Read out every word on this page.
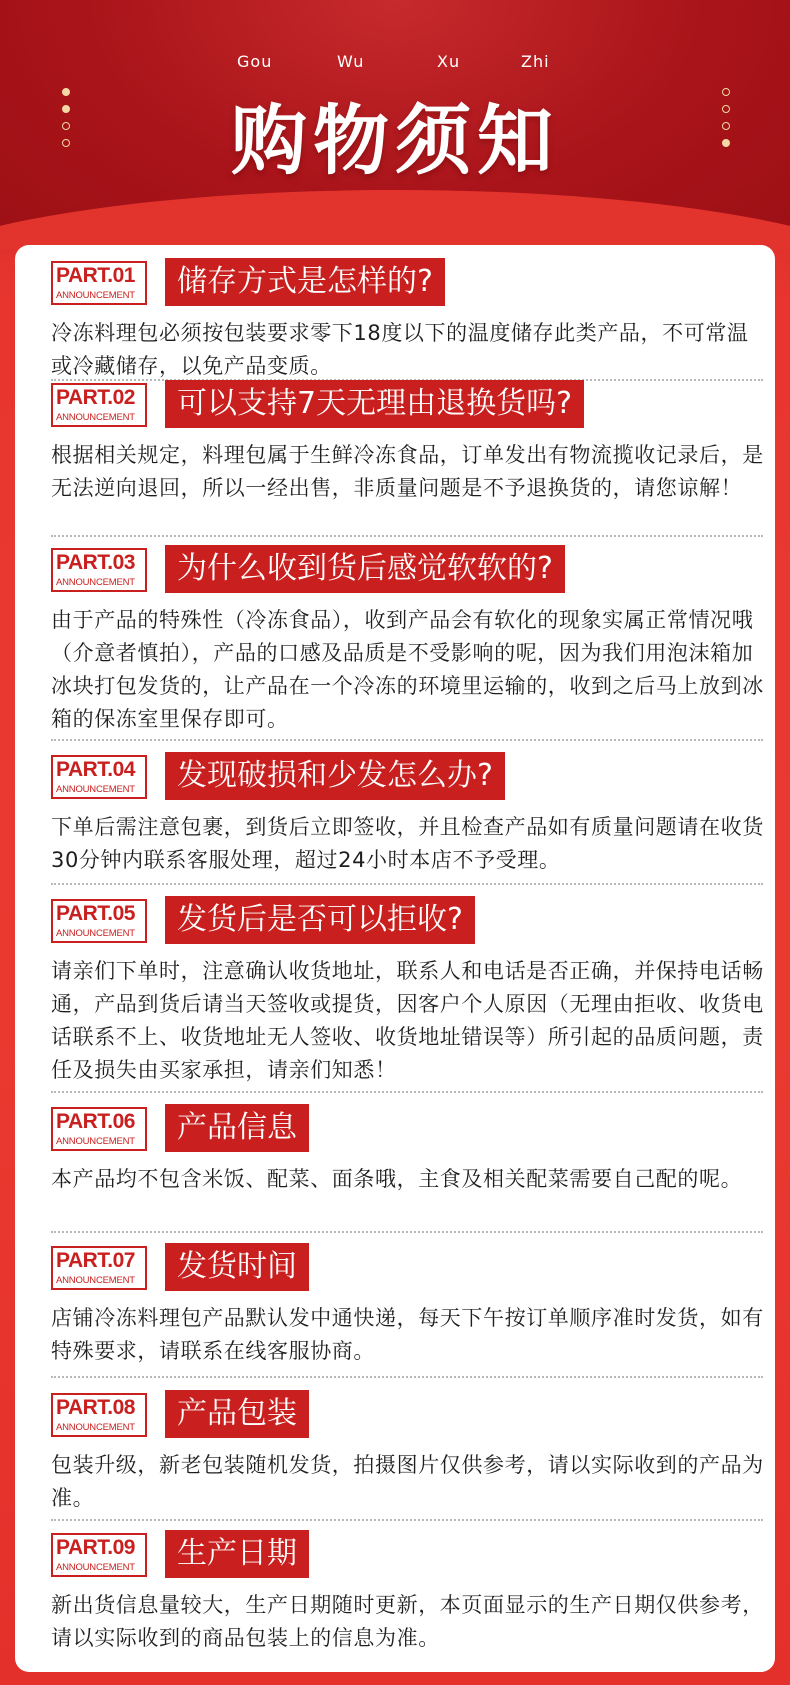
Gou	Wu	Xu	Zhi
购物须知
PART.01
ANNOUNCEMENT	储存方式是怎样的?

冷冻料理包必须按包装要求零下18度以下的温度储存此类产品，不可常温或冷藏储存，以免产品变质。

PART.02
ANNOUNCEMENT	可以支持7天无理由退换货吗?

根据相关规定，料理包属于生鲜冷冻食品，订单发出有物流揽收记录后，是无法逆向退回，所以一经出售，非质量问题是不予退换货的，请您谅解！

PART.03
ANNOUNCEMENT	为什么收到货后感觉软软的?

由于产品的特殊性（冷冻食品），收到产品会有软化的现象实属正常情况哦（介意者慎拍），产品的口感及品质是不受影响的呢，因为我们用泡沫箱加冰块打包发货的，让产品在一个冷冻的环境里运输的，收到之后马上放到冰箱的保冻室里保存即可。

PART.04
ANNOUNCEMENT	发现破损和少发怎么办?

下单后需注意包裹，到货后立即签收，并且检查产品如有质量问题请在收货30分钟内联系客服处理，超过24小时本店不予受理。

PART.05
ANNOUNCEMENT	发货后是否可以拒收?

请亲们下单时，注意确认收货地址，联系人和电话是否正确，并保持电话畅通，产品到货后请当天签收或提货，因客户个人原因（无理由拒收、收货电话联系不上、收货地址无人签收、收货地址错误等）所引起的品质问题，责任及损失由买家承担，请亲们知悉！

PART.06
ANNOUNCEMENT	产品信息

本产品均不包含米饭、配菜、面条哦，主食及相关配菜需要自己配的呢。

PART.07
ANNOUNCEMENT	发货时间

店铺冷冻料理包产品默认发中通快递，每天下午按订单顺序准时发货，如有特殊要求，请联系在线客服协商。

PART.08
ANNOUNCEMENT	产品包装

包装升级，新老包装随机发货，拍摄图片仅供参考，请以实际收到的产品为准。

PART.09
ANNOUNCEMENT	生产日期

新出货信息量较大，生产日期随时更新，本页面显示的生产日期仅供参考，请以实际收到的商品包装上的信息为准。
